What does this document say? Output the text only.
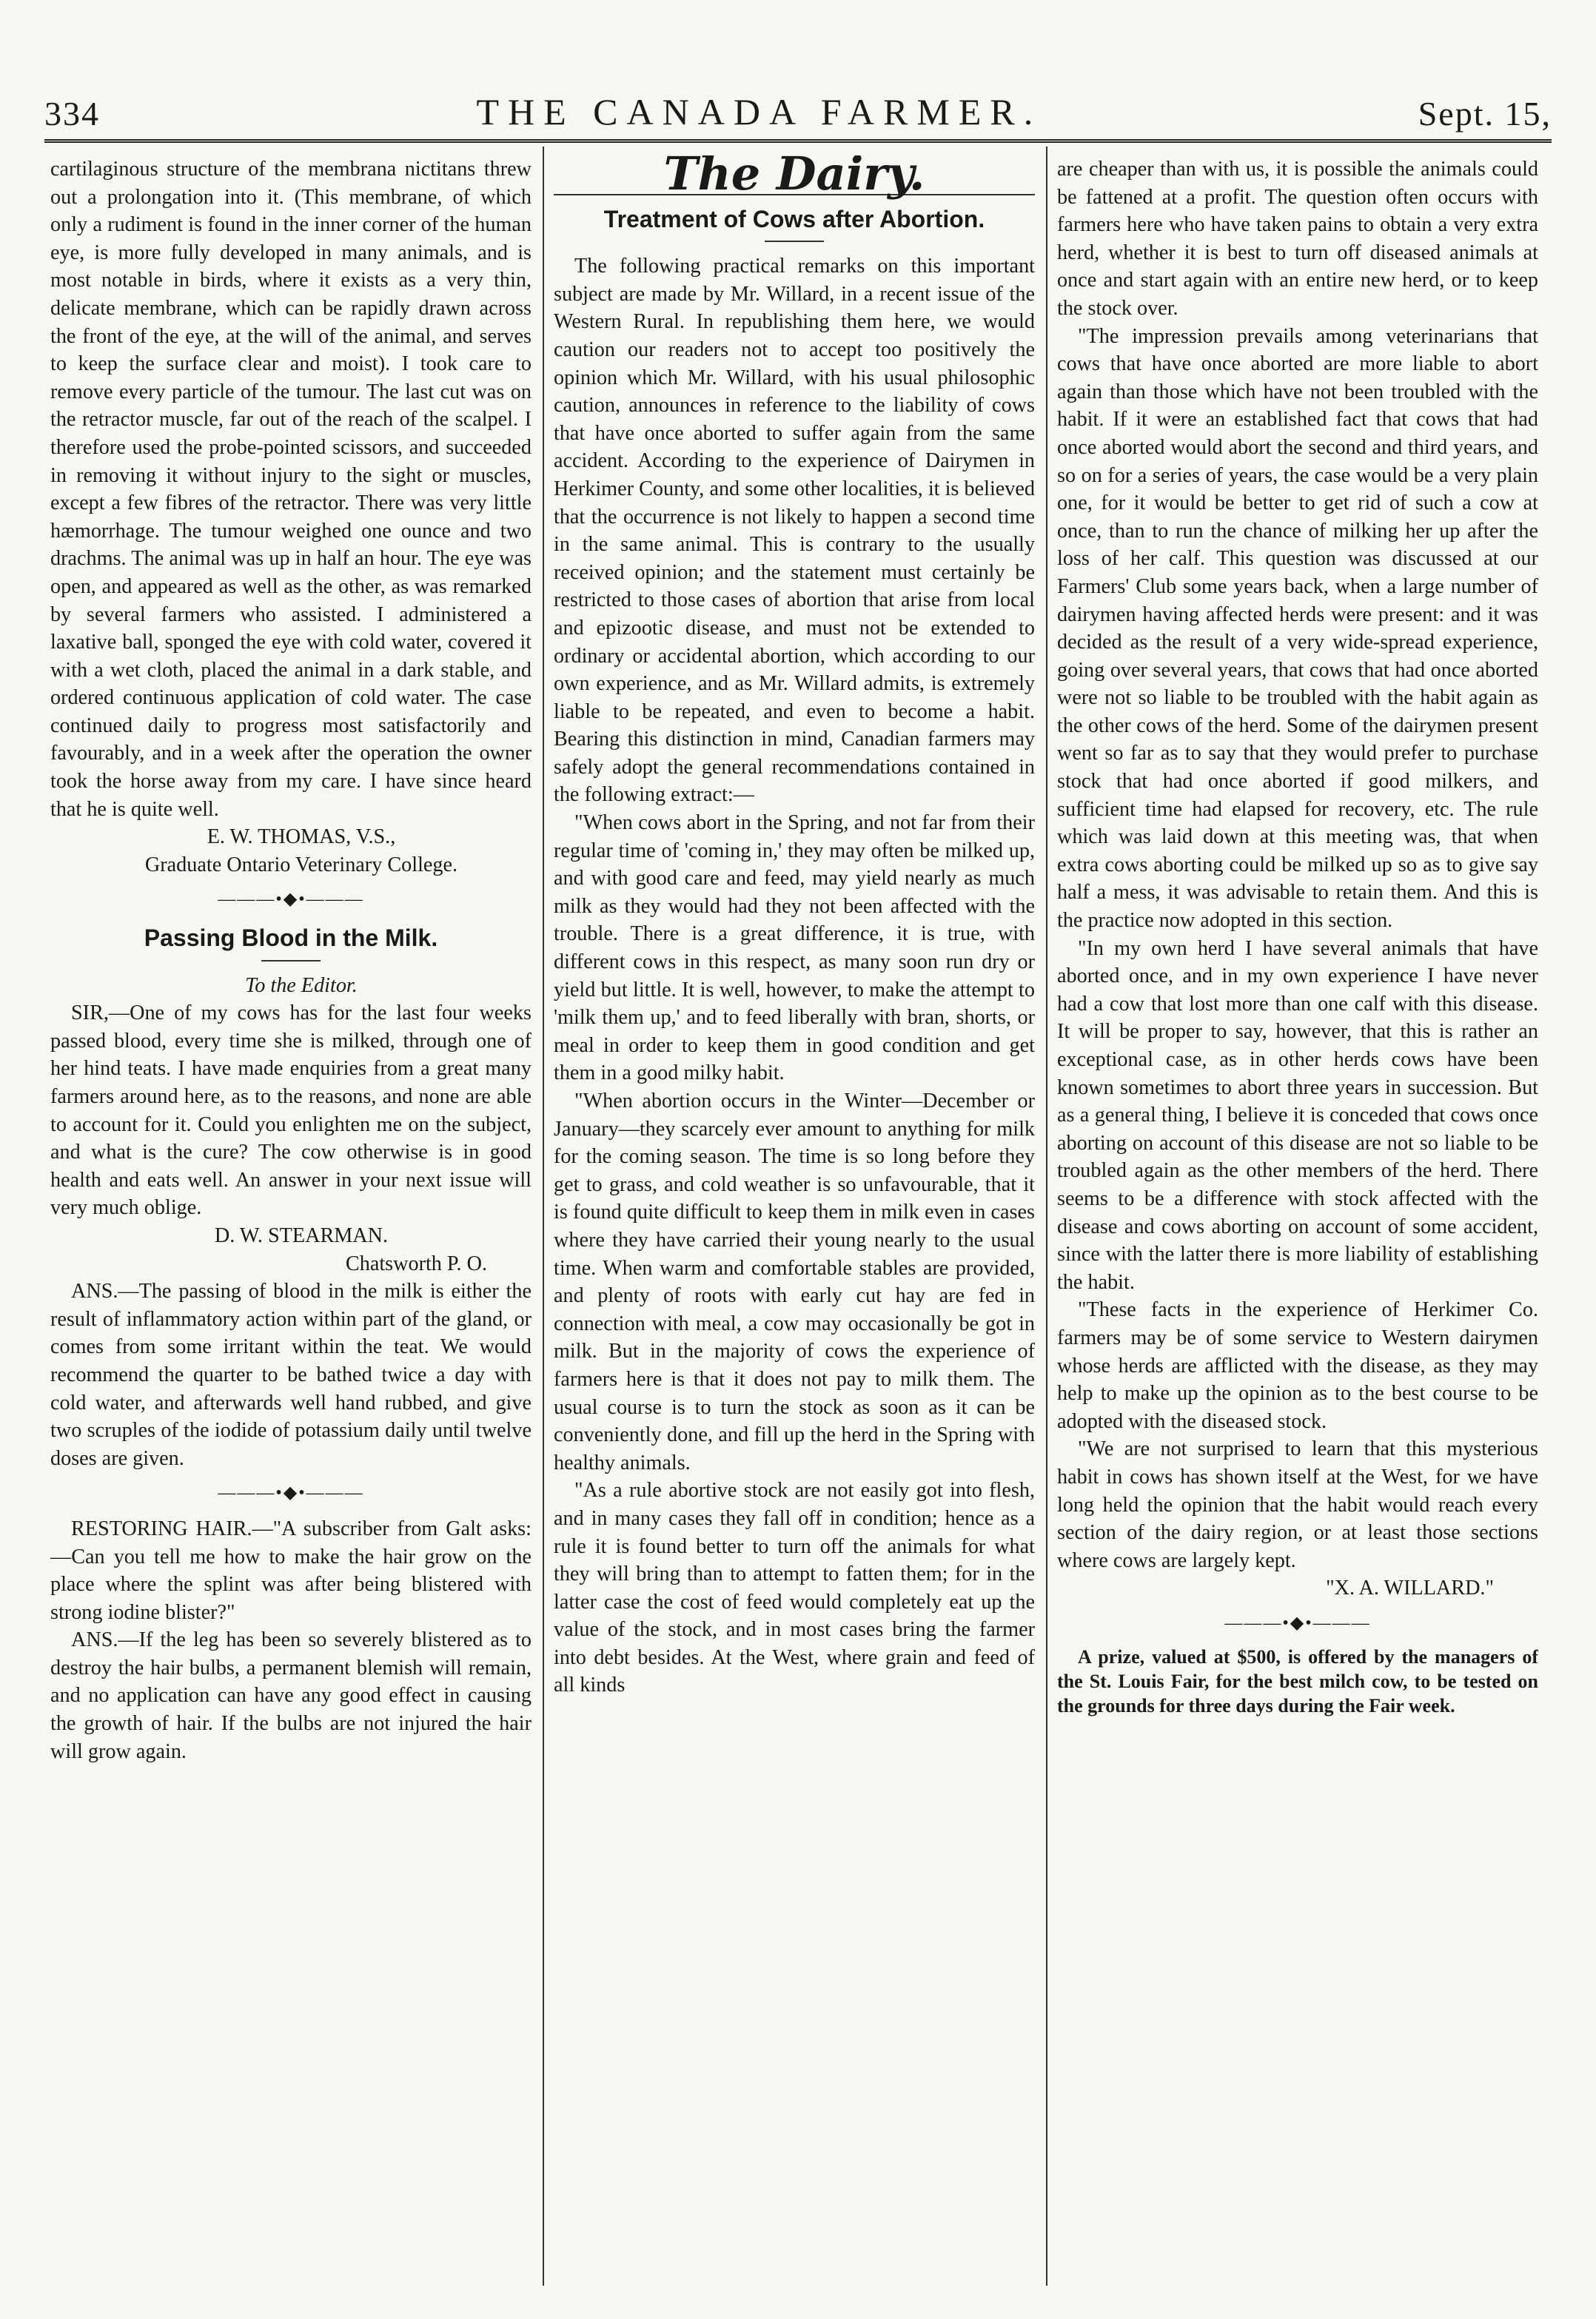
334	THE CANADA FARMER.	Sept. 15,

cartilaginous structure of the membrana nictitans threw out a prolongation into it. (This membrane, of which only a rudiment is found in the inner corner of the human eye, is more fully developed in many animals, and is most notable in birds, where it exists as a very thin, delicate membrane, which can be rapidly drawn across the front of the eye, at the will of the animal, and serves to keep the surface clear and moist). I took care to remove every particle of the tumour. The last cut was on the retractor muscle, far out of the reach of the scalpel. I therefore used the probe-pointed scissors, and succeeded in removing it without injury to the sight or muscles, except a few fibres of the retractor. There was very little hæmorrhage. The tumour weighed one ounce and two drachms. The animal was up in half an hour. The eye was open, and appeared as well as the other, as was remarked by several farmers who assisted. I administered a laxative ball, sponged the eye with cold water, covered it with a wet cloth, placed the animal in a dark stable, and ordered continuous application of cold water. The case continued daily to progress most satisfactorily and favourably, and in a week after the operation the owner took the horse away from my care. I have since heard that he is quite well.

E. W. THOMAS, V.S.,

Graduate Ontario Veterinary College.

———•◆•———
Passing Blood in the Milk.

To the Editor.

SIR,—One of my cows has for the last four weeks passed blood, every time she is milked, through one of her hind teats. I have made enquiries from a great many farmers around here, as to the reasons, and none are able to account for it. Could you enlighten me on the subject, and what is the cure? The cow otherwise is in good health and eats well. An answer in your next issue will very much oblige.

D. W. STEARMAN.

Chatsworth P. O.

ANS.—The passing of blood in the milk is either the result of inflammatory action within part of the gland, or comes from some irritant within the teat. We would recommend the quarter to be bathed twice a day with cold water, and afterwards well hand rubbed, and give two scruples of the iodide of potassium daily until twelve doses are given.

———•◆•———

RESTORING HAIR.—"A subscriber from Galt asks:—Can you tell me how to make the hair grow on the place where the splint was after being blistered with strong iodine blister?"

ANS.—If the leg has been so severely blistered as to destroy the hair bulbs, a permanent blemish will remain, and no application can have any good effect in causing the growth of hair. If the bulbs are not injured the hair will grow again.

The Dairy.
Treatment of Cows after Abortion.

The following practical remarks on this important subject are made by Mr. Willard, in a recent issue of the Western Rural. In republishing them here, we would caution our readers not to accept too positively the opinion which Mr. Willard, with his usual philosophic caution, announces in reference to the liability of cows that have once aborted to suffer again from the same accident. According to the experience of Dairymen in Herkimer County, and some other localities, it is believed that the occurrence is not likely to happen a second time in the same animal. This is contrary to the usually received opinion; and the statement must certainly be restricted to those cases of abortion that arise from local and epizootic disease, and must not be extended to ordinary or accidental abortion, which according to our own experience, and as Mr. Willard admits, is extremely liable to be repeated, and even to become a habit. Bearing this distinction in mind, Canadian farmers may safely adopt the general recommendations contained in the following extract:—

"When cows abort in the Spring, and not far from their regular time of 'coming in,' they may often be milked up, and with good care and feed, may yield nearly as much milk as they would had they not been affected with the trouble. There is a great difference, it is true, with different cows in this respect, as many soon run dry or yield but little. It is well, however, to make the attempt to 'milk them up,' and to feed liberally with bran, shorts, or meal in order to keep them in good condition and get them in a good milky habit.

"When abortion occurs in the Winter—December or January—they scarcely ever amount to anything for milk for the coming season. The time is so long before they get to grass, and cold weather is so unfavourable, that it is found quite difficult to keep them in milk even in cases where they have carried their young nearly to the usual time. When warm and comfortable stables are provided, and plenty of roots with early cut hay are fed in connection with meal, a cow may occasionally be got in milk. But in the majority of cows the experience of farmers here is that it does not pay to milk them. The usual course is to turn the stock as soon as it can be conveniently done, and fill up the herd in the Spring with healthy animals.

"As a rule abortive stock are not easily got into flesh, and in many cases they fall off in condition; hence as a rule it is found better to turn off the animals for what they will bring than to attempt to fatten them; for in the latter case the cost of feed would completely eat up the value of the stock, and in most cases bring the farmer into debt besides. At the West, where grain and feed of all kinds

are cheaper than with us, it is possible the animals could be fattened at a profit. The question often occurs with farmers here who have taken pains to obtain a very extra herd, whether it is best to turn off diseased animals at once and start again with an entire new herd, or to keep the stock over.

"The impression prevails among veterinarians that cows that have once aborted are more liable to abort again than those which have not been troubled with the habit. If it were an established fact that cows that had once aborted would abort the second and third years, and so on for a series of years, the case would be a very plain one, for it would be better to get rid of such a cow at once, than to run the chance of milking her up after the loss of her calf. This question was discussed at our Farmers' Club some years back, when a large number of dairymen having affected herds were present: and it was decided as the result of a very wide-spread experience, going over several years, that cows that had once aborted were not so liable to be troubled with the habit again as the other cows of the herd. Some of the dairymen present went so far as to say that they would prefer to purchase stock that had once aborted if good milkers, and sufficient time had elapsed for recovery, etc. The rule which was laid down at this meeting was, that when extra cows aborting could be milked up so as to give say half a mess, it was advisable to retain them. And this is the practice now adopted in this section.

"In my own herd I have several animals that have aborted once, and in my own experience I have never had a cow that lost more than one calf with this disease. It will be proper to say, however, that this is rather an exceptional case, as in other herds cows have been known sometimes to abort three years in succession. But as a general thing, I believe it is conceded that cows once aborting on account of this disease are not so liable to be troubled again as the other members of the herd. There seems to be a difference with stock affected with the disease and cows aborting on account of some accident, since with the latter there is more liability of establishing the habit.

"These facts in the experience of Herkimer Co. farmers may be of some service to Western dairymen whose herds are afflicted with the disease, as they may help to make up the opinion as to the best course to be adopted with the diseased stock.

"We are not surprised to learn that this mysterious habit in cows has shown itself at the West, for we have long held the opinion that the habit would reach every section of the dairy region, or at least those sections where cows are largely kept.

"X. A. WILLARD."

———•◆•———

A prize, valued at $500, is offered by the managers of the St. Louis Fair, for the best milch cow, to be tested on the grounds for three days during the Fair week.
